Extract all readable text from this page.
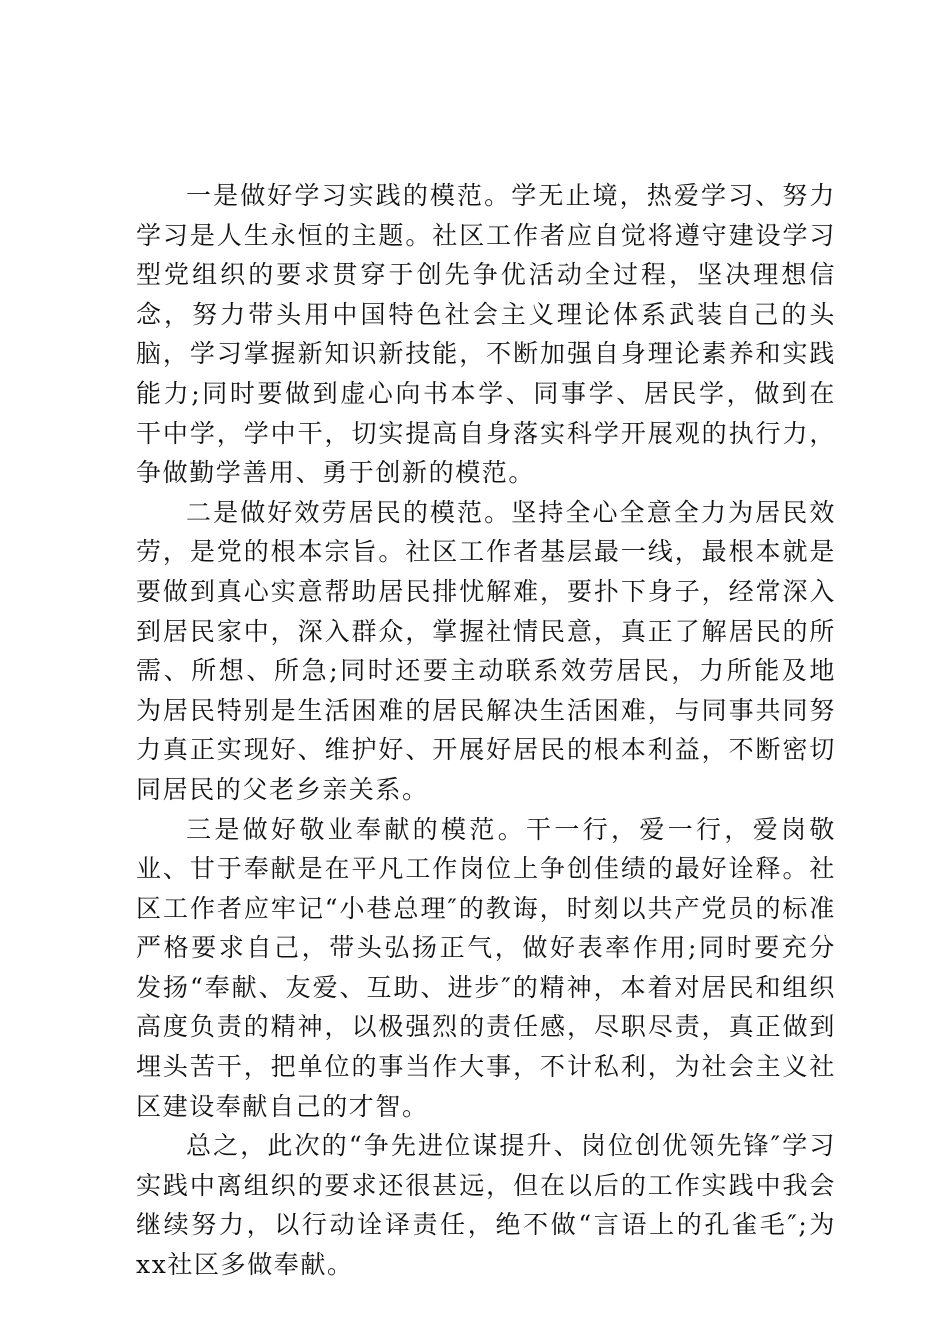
一是做好学习实践的模范。学无止境，热爱学习、努力学习是人生永恒的主题。社区工作者应自觉将遵守建设学习型党组织的要求贯穿于创先争优活动全过程，坚决理想信念，努力带头用中国特色社会主义理论体系武装自己的头脑，学习掌握新知识新技能，不断加强自身理论素养和实践能力;同时要做到虚心向书本学、同事学、居民学，做到在干中学，学中干，切实提高自身落实科学开展观的执行力，争做勤学善用、勇于创新的模范。

二是做好效劳居民的模范。坚持全心全意全力为居民效劳，是党的根本宗旨。社区工作者基层最一线，最根本就是要做到真心实意帮助居民排忧解难，要扑下身子，经常深入到居民家中，深入群众，掌握社情民意，真正了解居民的所需、所想、所急;同时还要主动联系效劳居民，力所能及地为居民特别是生活困难的居民解决生活困难，与同事共同努力真正实现好、维护好、开展好居民的根本利益，不断密切同居民的父老乡亲关系。

三是做好敬业奉献的模范。干一行，爱一行，爱岗敬业、甘于奉献是在平凡工作岗位上争创佳绩的最好诠释。社区工作者应牢记“小巷总理″的教诲，时刻以共产党员的标准严格要求自己，带头弘扬正气，做好表率作用;同时要充分发扬“奉献、友爱、互助、进步″的精神，本着对居民和组织高度负责的精神，以极强烈的责任感，尽职尽责，真正做到埋头苦干，把单位的事当作大事，不计私利，为社会主义社区建设奉献自己的才智。

总之，此次的“争先进位谋提升、岗位创优领先锋″学习实践中离组织的要求还很甚远，但在以后的工作实践中我会继续努力，以行动诠译责任，绝不做“言语上的孔雀毛″;为xx社区多做奉献。
